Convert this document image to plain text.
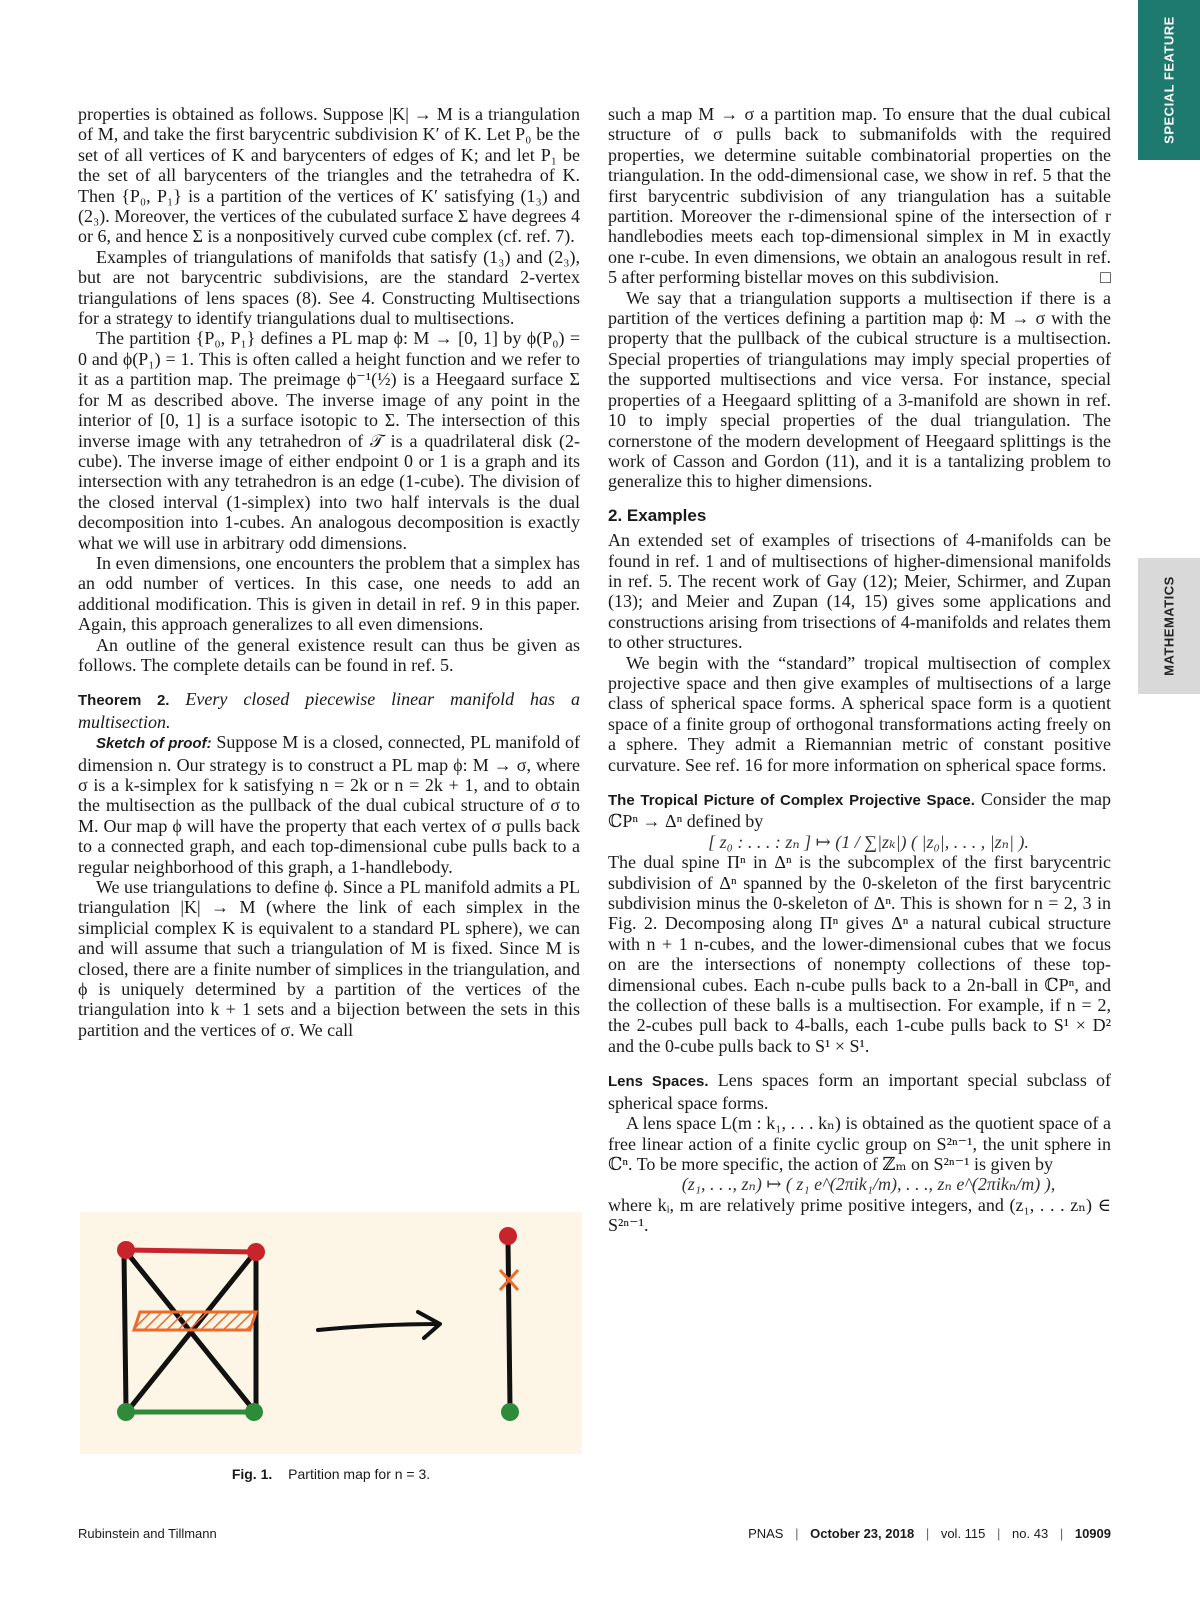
SPECIAL FEATURE
MATHEMATICS

properties is obtained as follows. Suppose |K| → M is a triangulation of M, and take the first barycentric subdivision K′ of K. Let P₀ be the set of all vertices of K and barycenters of edges of K; and let P₁ be the set of all barycenters of the triangles and the tetrahedra of K. Then {P₀, P₁} is a partition of the vertices of K′ satisfying (1₃) and (2₃). Moreover, the vertices of the cubulated surface Σ have degrees 4 or 6, and hence Σ is a nonpositively curved cube complex (cf. ref. 7).

Examples of triangulations of manifolds that satisfy (1₃) and (2₃), but are not barycentric subdivisions, are the standard 2-vertex triangulations of lens spaces (8). See 4. Constructing Multisections for a strategy to identify triangulations dual to multisections.

The partition {P₀, P₁} defines a PL map ϕ: M → [0, 1] by ϕ(P₀) = 0 and ϕ(P₁) = 1. This is often called a height function and we refer to it as a partition map. The preimage ϕ⁻¹(½) is a Heegaard surface Σ for M as described above. The inverse image of any point in the interior of [0, 1] is a surface isotopic to Σ. The intersection of this inverse image with any tetrahedron of 𝒯 is a quadrilateral disk (2-cube). The inverse image of either endpoint 0 or 1 is a graph and its intersection with any tetrahedron is an edge (1-cube). The division of the closed interval (1-simplex) into two half intervals is the dual decomposition into 1-cubes. An analogous decomposition is exactly what we will use in arbitrary odd dimensions.

In even dimensions, one encounters the problem that a simplex has an odd number of vertices. In this case, one needs to add an additional modification. This is given in detail in ref. 9 in this paper. Again, this approach generalizes to all even dimensions.

An outline of the general existence result can thus be given as follows. The complete details can be found in ref. 5.

Theorem 2. Every closed piecewise linear manifold has a multisection.

Sketch of proof: Suppose M is a closed, connected, PL manifold of dimension n. Our strategy is to construct a PL map ϕ: M → σ, where σ is a k-simplex for k satisfying n = 2k or n = 2k + 1, and to obtain the multisection as the pullback of the dual cubical structure of σ to M. Our map ϕ will have the property that each vertex of σ pulls back to a connected graph, and each top-dimensional cube pulls back to a regular neighborhood of this graph, a 1-handlebody.

We use triangulations to define ϕ. Since a PL manifold admits a PL triangulation |K| → M (where the link of each simplex in the simplicial complex K is equivalent to a standard PL sphere), we can and will assume that such a triangulation of M is fixed. Since M is closed, there are a finite number of simplices in the triangulation, and ϕ is uniquely determined by a partition of the vertices of the triangulation into k + 1 sets and a bijection between the sets in this partition and the vertices of σ. We call

such a map M → σ a partition map. To ensure that the dual cubical structure of σ pulls back to submanifolds with the required properties, we determine suitable combinatorial properties on the triangulation. In the odd-dimensional case, we show in ref. 5 that the first barycentric subdivision of any triangulation has a suitable partition. Moreover the r-dimensional spine of the intersection of r handlebodies meets each top-dimensional simplex in M in exactly one r-cube. In even dimensions, we obtain an analogous result in ref. 5 after performing bistellar moves on this subdivision.	□

We say that a triangulation supports a multisection if there is a partition of the vertices defining a partition map ϕ: M → σ with the property that the pullback of the cubical structure is a multisection. Special properties of triangulations may imply special properties of the supported multisections and vice versa. For instance, special properties of a Heegaard splitting of a 3-manifold are shown in ref. 10 to imply special properties of the dual triangulation. The cornerstone of the modern development of Heegaard splittings is the work of Casson and Gordon (11), and it is a tantalizing problem to generalize this to higher dimensions.

2. Examples

An extended set of examples of trisections of 4-manifolds can be found in ref. 1 and of multisections of higher-dimensional manifolds in ref. 5. The recent work of Gay (12); Meier, Schirmer, and Zupan (13); and Meier and Zupan (14, 15) gives some applications and constructions arising from trisections of 4-manifolds and relates them to other structures.

We begin with the “standard” tropical multisection of complex projective space and then give examples of multisections of a large class of spherical space forms. A spherical space form is a quotient space of a finite group of orthogonal transformations acting freely on a sphere. They admit a Riemannian metric of constant positive curvature. See ref. 16 for more information on spherical space forms.

The Tropical Picture of Complex Projective Space. Consider the map ℂPⁿ → Δⁿ defined by

[ z₀ : . . . : zₙ ] ↦ (1 / ∑|zₖ|) ( |z₀|, . . . , |zₙ| ).

The dual spine Πⁿ in Δⁿ is the subcomplex of the first barycentric subdivision of Δⁿ spanned by the 0-skeleton of the first barycentric subdivision minus the 0-skeleton of Δⁿ. This is shown for n = 2, 3 in Fig. 2. Decomposing along Πⁿ gives Δⁿ a natural cubical structure with n + 1 n-cubes, and the lower-dimensional cubes that we focus on are the intersections of nonempty collections of these top-dimensional cubes. Each n-cube pulls back to a 2n-ball in ℂPⁿ, and the collection of these balls is a multisection. For example, if n = 2, the 2-cubes pull back to 4-balls, each 1-cube pulls back to S¹ × D² and the 0-cube pulls back to S¹ × S¹.

Lens Spaces. Lens spaces form an important special subclass of spherical space forms.

A lens space L(m : k₁, . . . kₙ) is obtained as the quotient space of a free linear action of a finite cyclic group on S²ⁿ⁻¹, the unit sphere in ℂⁿ. To be more specific, the action of ℤₘ on S²ⁿ⁻¹ is given by

(z₁, . . ., zₙ) ↦ ( z₁ e^(2πik₁/m), . . ., zₙ e^(2πikₙ/m) ),

where kᵢ, m are relatively prime positive integers, and (z₁, . . . zₙ) ∈ S²ⁿ⁻¹.

Fig. 1. Partition map for n = 3.
Rubinstein and Tillmann	PNAS | October 23, 2018 | vol. 115 | no. 43 | 10909
